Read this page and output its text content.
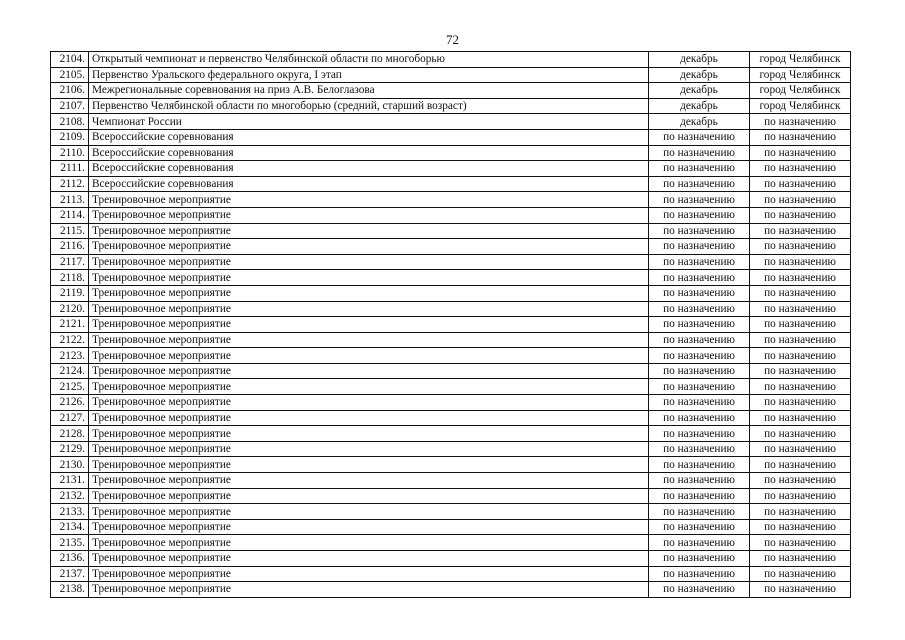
72
2104.	Открытый чемпионат и первенство Челябинской области по многоборью	декабрь	город Челябинск
2105.	Первенство Уральского федерального округа, I этап	декабрь	город Челябинск
2106.	Межрегиональные соревнования на приз А.В. Белоглазова	декабрь	город Челябинск
2107.	Первенство Челябинской области по многоборью (средний, старший возраст)	декабрь	город Челябинск
2108.	Чемпионат России	декабрь	по назначению
2109.	Всероссийские соревнования	по назначению	по назначению
2110.	Всероссийские соревнования	по назначению	по назначению
2111.	Всероссийские соревнования	по назначению	по назначению
2112.	Всероссийские соревнования	по назначению	по назначению
2113.	Тренировочное мероприятие	по назначению	по назначению
2114.	Тренировочное мероприятие	по назначению	по назначению
2115.	Тренировочное мероприятие	по назначению	по назначению
2116.	Тренировочное мероприятие	по назначению	по назначению
2117.	Тренировочное мероприятие	по назначению	по назначению
2118.	Тренировочное мероприятие	по назначению	по назначению
2119.	Тренировочное мероприятие	по назначению	по назначению
2120.	Тренировочное мероприятие	по назначению	по назначению
2121.	Тренировочное мероприятие	по назначению	по назначению
2122.	Тренировочное мероприятие	по назначению	по назначению
2123.	Тренировочное мероприятие	по назначению	по назначению
2124.	Тренировочное мероприятие	по назначению	по назначению
2125.	Тренировочное мероприятие	по назначению	по назначению
2126.	Тренировочное мероприятие	по назначению	по назначению
2127.	Тренировочное мероприятие	по назначению	по назначению
2128.	Тренировочное мероприятие	по назначению	по назначению
2129.	Тренировочное мероприятие	по назначению	по назначению
2130.	Тренировочное мероприятие	по назначению	по назначению
2131.	Тренировочное мероприятие	по назначению	по назначению
2132.	Тренировочное мероприятие	по назначению	по назначению
2133.	Тренировочное мероприятие	по назначению	по назначению
2134.	Тренировочное мероприятие	по назначению	по назначению
2135.	Тренировочное мероприятие	по назначению	по назначению
2136.	Тренировочное мероприятие	по назначению	по назначению
2137.	Тренировочное мероприятие	по назначению	по назначению
2138.	Тренировочное мероприятие	по назначению	по назначению
